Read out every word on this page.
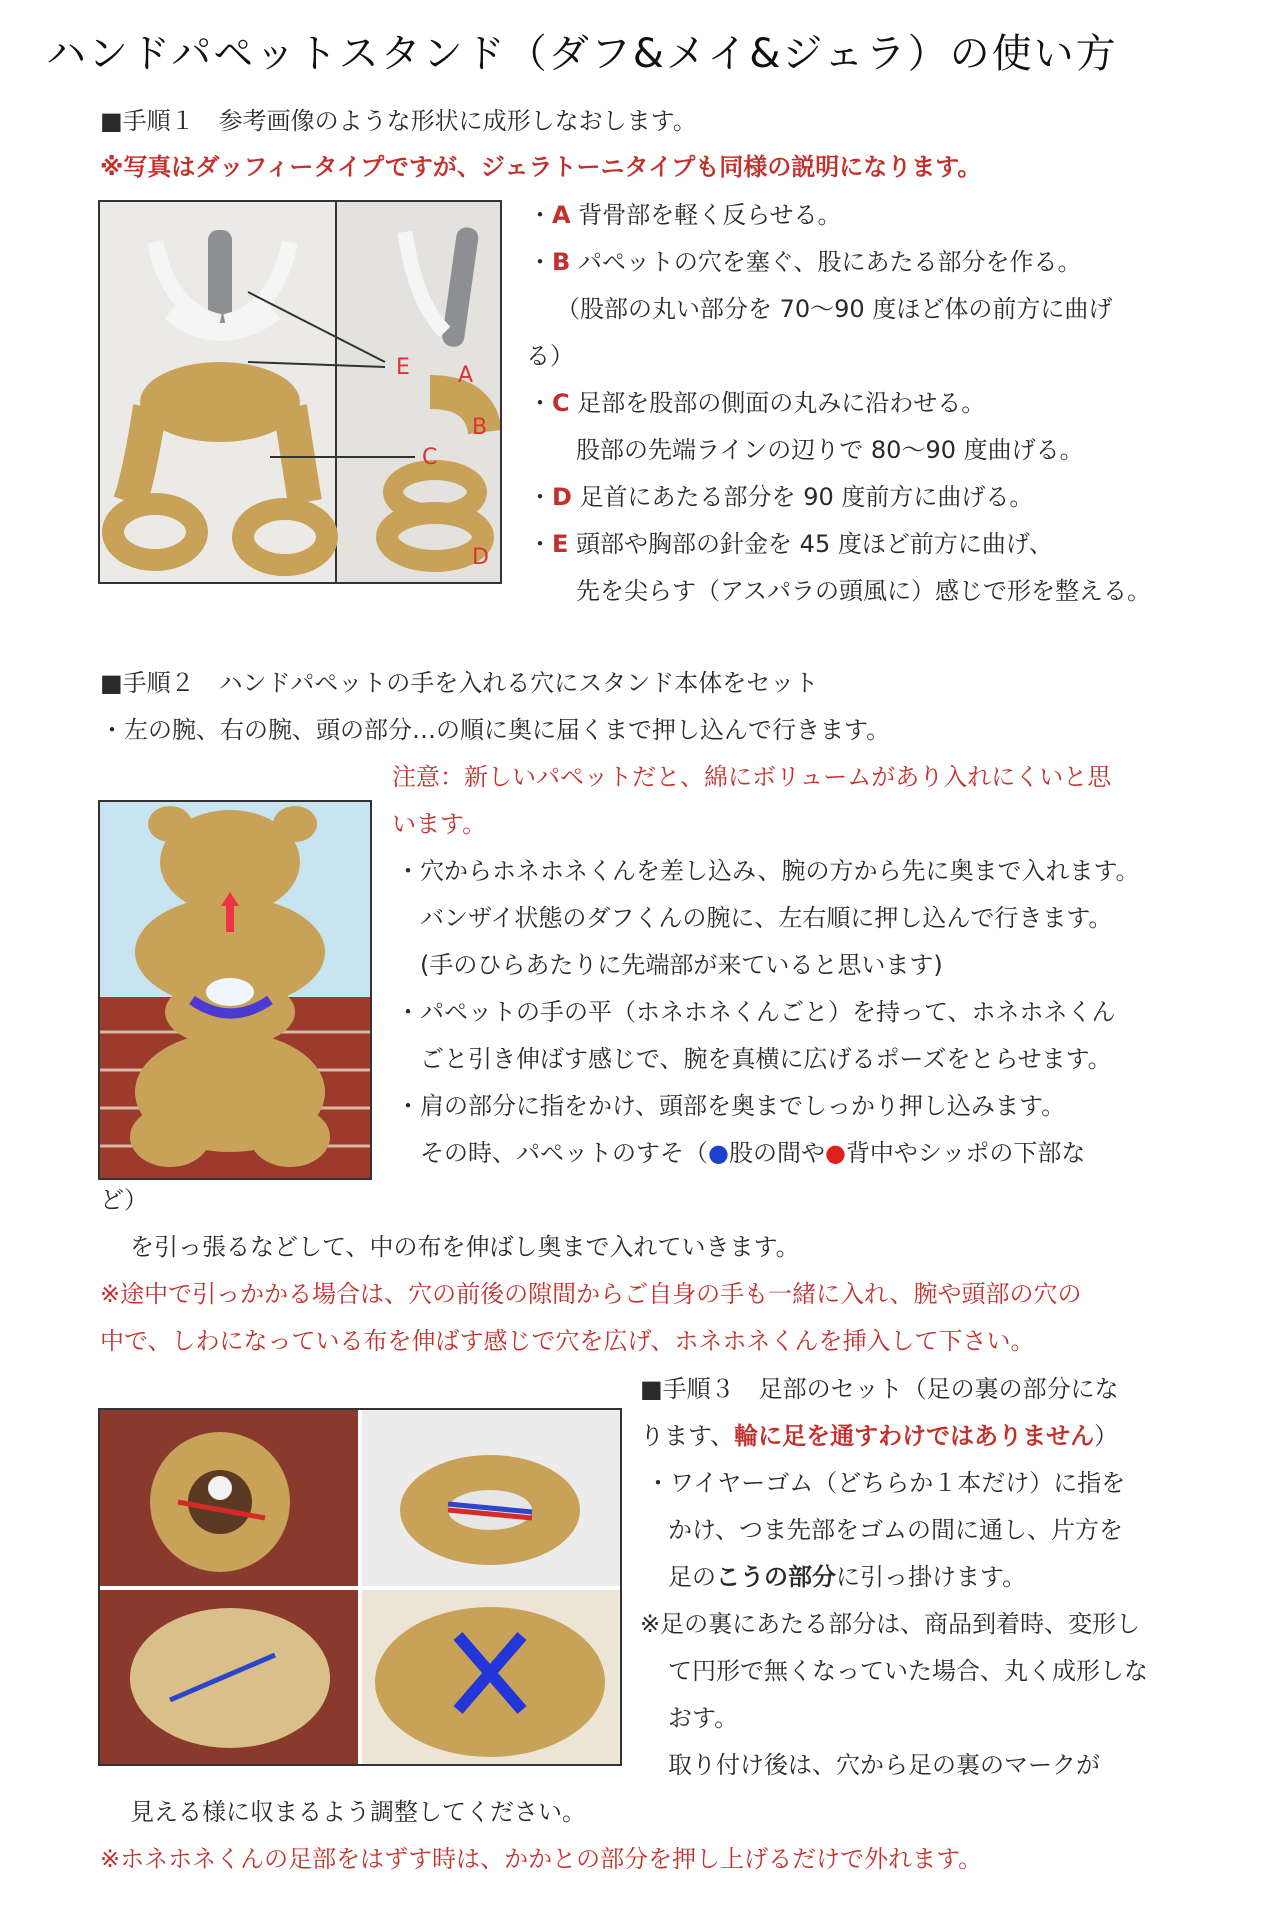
ハンドパペットスタンド（ダフ&メイ&ジェラ）の使い方
■手順１　参考画像のような形状に成形しなおします。
※写真はダッフィータイプですが、ジェラトーニタイプも同様の説明になります。
E A
B
C
D
・A 背骨部を軽く反らせる。
・B パペットの穴を塞ぐ、股にあたる部分を作る。
（股部の丸い部分を 70～90 度ほど体の前方に曲げ
る）
・C 足部を股部の側面の丸みに沿わせる。
股部の先端ラインの辺りで 80～90 度曲げる。
・D 足首にあたる部分を 90 度前方に曲げる。
・E 頭部や胸部の針金を 45 度ほど前方に曲げ、
先を尖らす（アスパラの頭風に）感じで形を整える。
■手順２　ハンドパペットの手を入れる穴にスタンド本体をセット
・左の腕、右の腕、頭の部分…の順に奥に届くまで押し込んで行きます。
注意：新しいパペットだと、綿にボリュームがあり入れにくいと思
います。
・穴からホネホネくんを差し込み、腕の方から先に奥まで入れます。
バンザイ状態のダフくんの腕に、左右順に押し込んで行きます。
(手のひらあたりに先端部が来ていると思います)
・パペットの手の平（ホネホネくんごと）を持って、ホネホネくん
ごと引き伸ばす感じで、腕を真横に広げるポーズをとらせます。
・肩の部分に指をかけ、頭部を奥までしっかり押し込みます。
その時、パペットのすそ（●股の間や●背中やシッポの下部な
ど）
を引っ張るなどして、中の布を伸ばし奥まで入れていきます。
※途中で引っかかる場合は、穴の前後の隙間からご自身の手も一緒に入れ、腕や頭部の穴の
中で、しわになっている布を伸ばす感じで穴を広げ、ホネホネくんを挿入して下さい。
■手順３　足部のセット（足の裏の部分にな
ります、輪に足を通すわけではありません）
・ワイヤーゴム（どちらか１本だけ）に指を
かけ、つま先部をゴムの間に通し、片方を
足のこうの部分に引っ掛けます。
※足の裏にあたる部分は、商品到着時、変形し
て円形で無くなっていた場合、丸く成形しな
おす。
取り付け後は、穴から足の裏のマークが
見える様に収まるよう調整してください。
※ホネホネくんの足部をはずす時は、かかとの部分を押し上げるだけで外れます。
